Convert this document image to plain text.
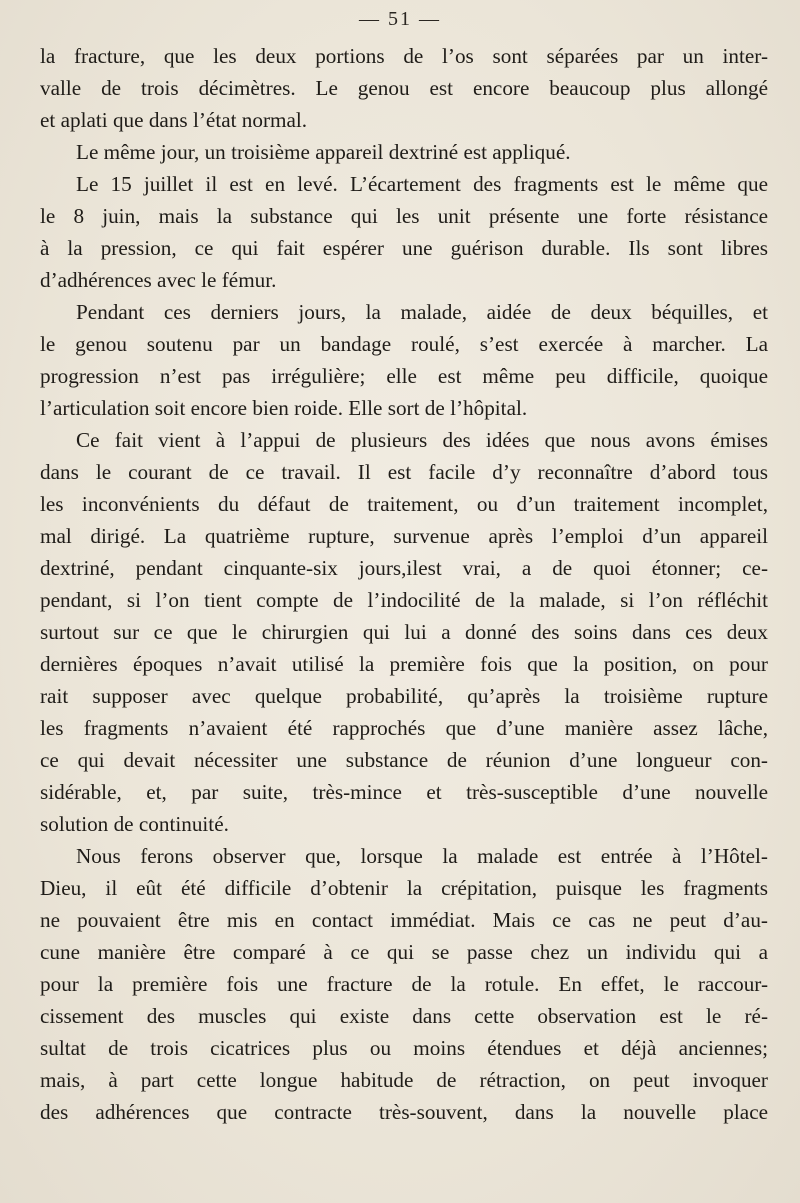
— 51 —
la fracture, que les deux portions de l’os sont séparées par un inter-
valle de trois décimètres. Le genou est encore beaucoup plus allongé
et aplati que dans l’état normal.
Le même jour, un troisième appareil dextriné est appliqué.
Le 15 juillet il est en levé. L’écartement des fragments est le même que
le 8 juin, mais la substance qui les unit présente une forte résistance
à la pression, ce qui fait espérer une guérison durable. Ils sont libres
d’adhérences avec le fémur.
Pendant ces derniers jours, la malade, aidée de deux béquilles, et
le genou soutenu par un bandage roulé, s’est exercée à marcher. La
progression n’est pas irrégulière; elle est même peu difficile, quoique
l’articulation soit encore bien roide. Elle sort de l’hôpital.
Ce fait vient à l’appui de plusieurs des idées que nous avons émises
dans le courant de ce travail. Il est facile d’y reconnaître d’abord tous
les inconvénients du défaut de traitement, ou d’un traitement incomplet,
mal dirigé. La quatrième rupture, survenue après l’emploi d’un appareil
dextriné, pendant cinquante-six jours,ilest vrai, a de quoi étonner; ce-
pendant, si l’on tient compte de l’indocilité de la malade, si l’on réfléchit
surtout sur ce que le chirurgien qui lui a donné des soins dans ces deux
dernières époques n’avait utilisé la première fois que la position, on pour
rait supposer avec quelque probabilité, qu’après la troisième rupture
les fragments n’avaient été rapprochés que d’une manière assez lâche,
ce qui devait nécessiter une substance de réunion d’une longueur con-
sidérable, et, par suite, très-mince et très-susceptible d’une nouvelle
solution de continuité.
Nous ferons observer que, lorsque la malade est entrée à l’Hôtel-
Dieu, il eût été difficile d’obtenir la crépitation, puisque les fragments
ne pouvaient être mis en contact immédiat. Mais ce cas ne peut d’au-
cune manière être comparé à ce qui se passe chez un individu qui a
pour la première fois une fracture de la rotule. En effet, le raccour-
cissement des muscles qui existe dans cette observation est le ré-
sultat de trois cicatrices plus ou moins étendues et déjà anciennes;
mais, à part cette longue habitude de rétraction, on peut invoquer
des adhérences que contracte très-souvent, dans la nouvelle place
